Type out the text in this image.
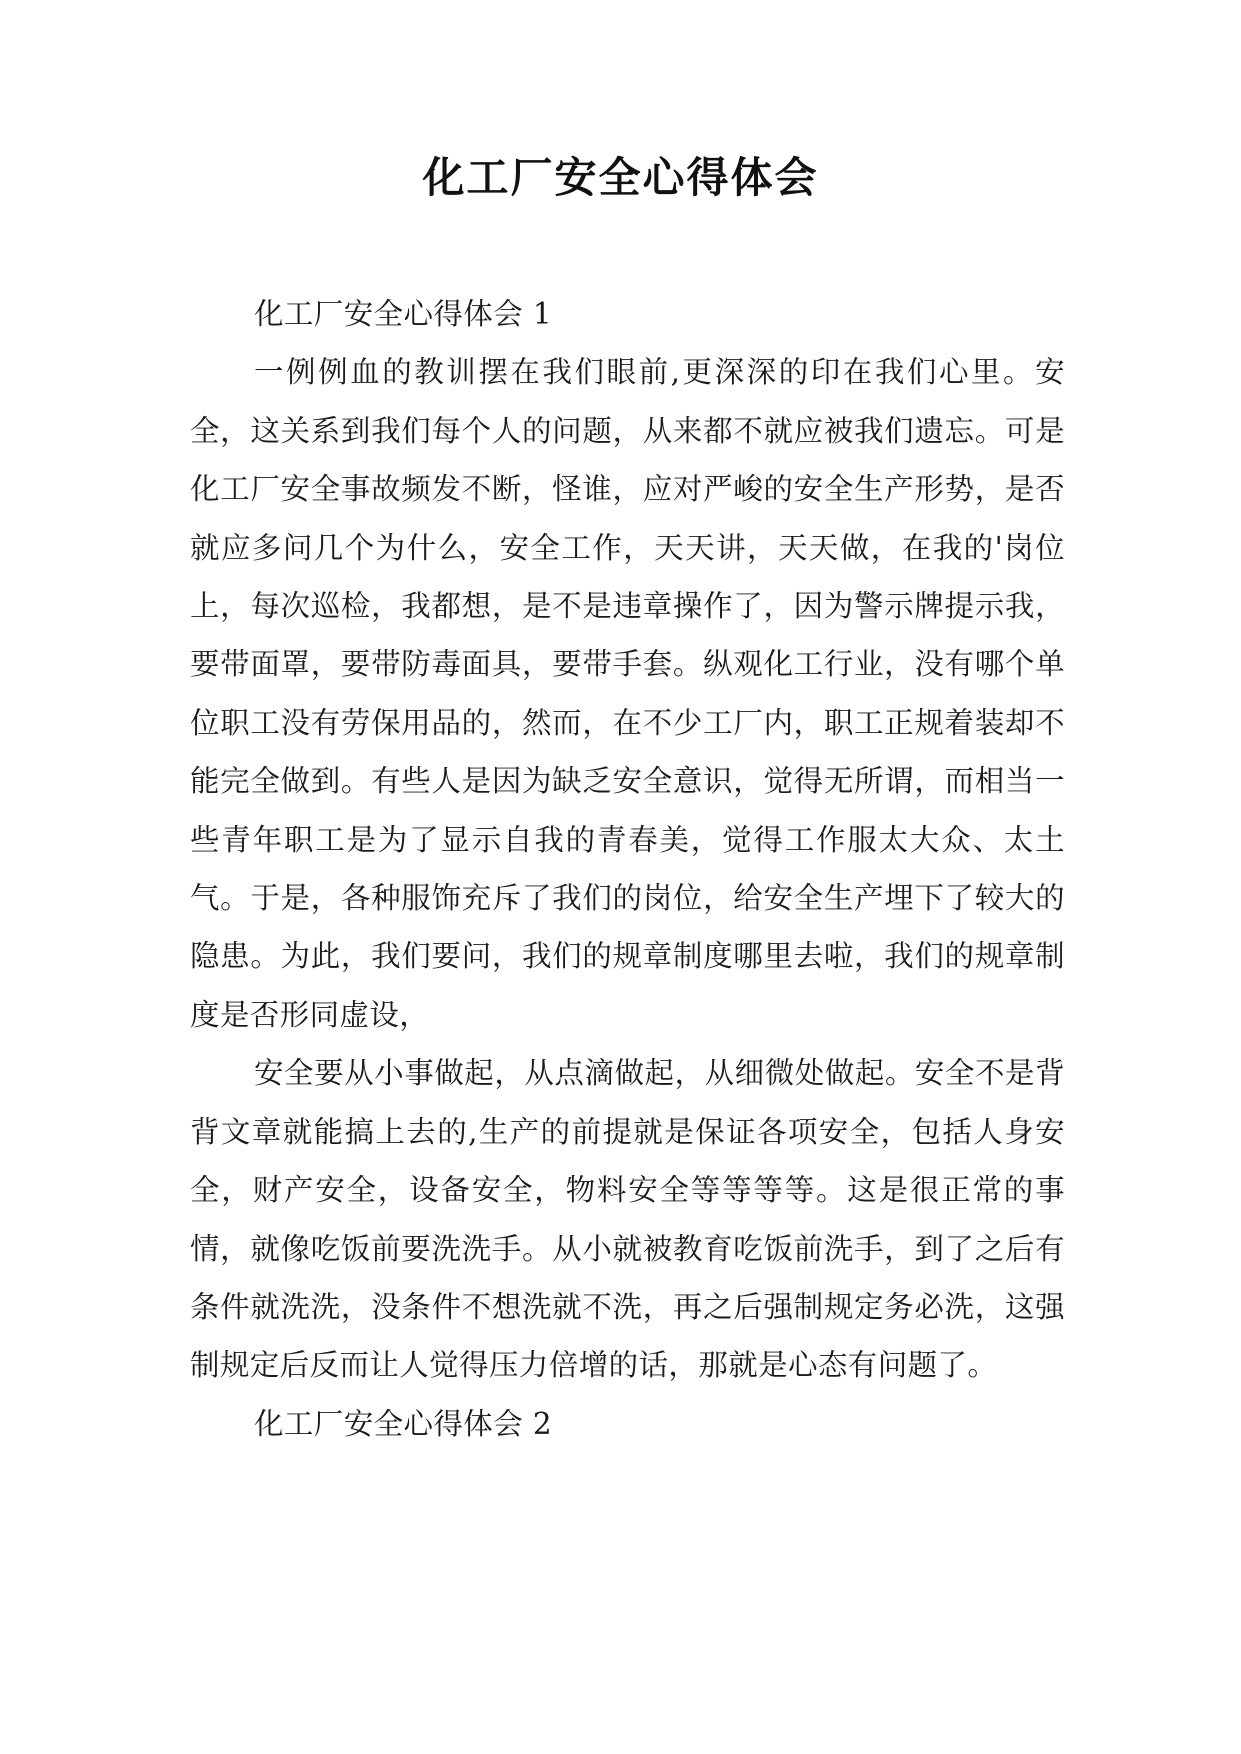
化工厂安全心得体会

化工厂安全心得体会 1

一例例血的教训摆在我们眼前,更深深的印在我们心里。安全，这关系到我们每个人的问题，从来都不就应被我们遗忘。可是化工厂安全事故频发不断，怪谁，应对严峻的安全生产形势，是否就应多问几个为什么，安全工作，天天讲，天天做，在我的'岗位上，每次巡检，我都想，是不是违章操作了，因为警示牌提示我，要带面罩，要带防毒面具，要带手套。纵观化工行业，没有哪个单位职工没有劳保用品的，然而，在不少工厂内，职工正规着装却不能完全做到。有些人是因为缺乏安全意识，觉得无所谓，而相当一些青年职工是为了显示自我的青春美，觉得工作服太大众、太土气。于是，各种服饰充斥了我们的岗位，给安全生产埋下了较大的隐患。为此，我们要问，我们的规章制度哪里去啦，我们的规章制度是否形同虚设，

安全要从小事做起，从点滴做起，从细微处做起。安全不是背背文章就能搞上去的,生产的前提就是保证各项安全，包括人身安全，财产安全，设备安全，物料安全等等等等。这是很正常的事情，就像吃饭前要洗洗手。从小就被教育吃饭前洗手，到了之后有条件就洗洗，没条件不想洗就不洗，再之后强制规定务必洗，这强制规定后反而让人觉得压力倍增的话，那就是心态有问题了。

化工厂安全心得体会 2
